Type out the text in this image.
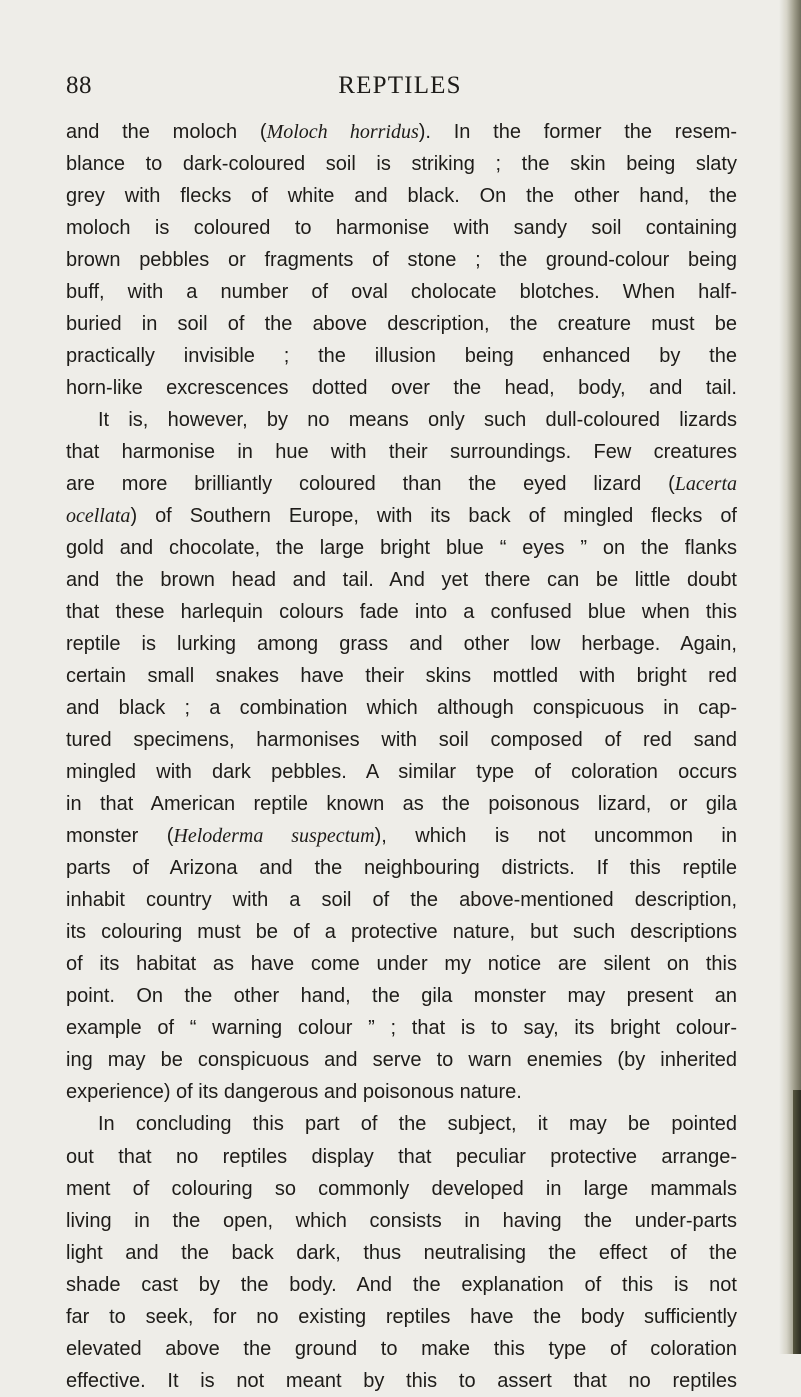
88	REPTILES
and the moloch (Moloch horridus). In the former the resem-
blance to dark-coloured soil is striking ; the skin being slaty
grey with flecks of white and black. On the other hand, the
moloch is coloured to harmonise with sandy soil containing
brown pebbles or fragments of stone ; the ground-colour being
buff, with a number of oval cholocate blotches. When half-
buried in soil of the above description, the creature must be
practically invisible ; the illusion being enhanced by the
horn-like excrescences dotted over the head, body, and tail.
It is, however, by no means only such dull-coloured lizards
that harmonise in hue with their surroundings. Few creatures
are more brilliantly coloured than the eyed lizard (Lacerta
ocellata) of Southern Europe, with its back of mingled flecks of
gold and chocolate, the large bright blue “ eyes ” on the flanks
and the brown head and tail. And yet there can be little doubt
that these harlequin colours fade into a confused blue when this
reptile is lurking among grass and other low herbage. Again,
certain small snakes have their skins mottled with bright red
and black ; a combination which although conspicuous in cap-
tured specimens, harmonises with soil composed of red sand
mingled with dark pebbles. A similar type of coloration occurs
in that American reptile known as the poisonous lizard, or gila
monster (Heloderma suspectum), which is not uncommon in
parts of Arizona and the neighbouring districts. If this reptile
inhabit country with a soil of the above-mentioned description,
its colouring must be of a protective nature, but such descriptions
of its habitat as have come under my notice are silent on this
point. On the other hand, the gila monster may present an
example of “ warning colour ” ; that is to say, its bright colour-
ing may be conspicuous and serve to warn enemies (by inherited
experience) of its dangerous and poisonous nature.
In concluding this part of the subject, it may be pointed
out that no reptiles display that peculiar protective arrange-
ment of colouring so commonly developed in large mammals
living in the open, which consists in having the under-parts
light and the back dark, thus neutralising the effect of the
shade cast by the body. And the explanation of this is not
far to seek, for no existing reptiles have the body sufficiently
elevated above the ground to make this type of coloration
effective. It is not meant by this to assert that no reptiles
